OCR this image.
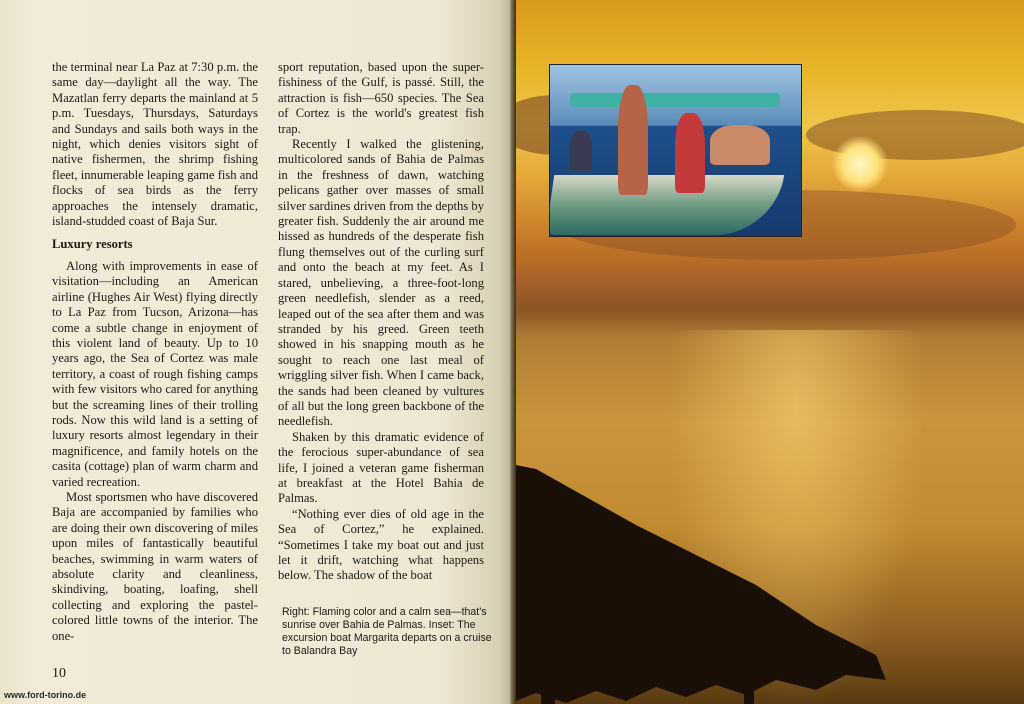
the terminal near La Paz at 7:30 p.m. the same day—daylight all the way. The Mazatlan ferry departs the mainland at 5 p.m. Tuesdays, Thursdays, Saturdays and Sundays and sails both ways in the night, which denies visitors sight of native fishermen, the shrimp fishing fleet, innumerable leaping game fish and flocks of sea birds as the ferry approaches the intensely dramatic, island-studded coast of Baja Sur.

Luxury resorts

Along with improvements in ease of visitation—including an American airline (Hughes Air West) flying directly to La Paz from Tucson, Arizona—has come a subtle change in enjoyment of this violent land of beauty. Up to 10 years ago, the Sea of Cortez was male territory, a coast of rough fishing camps with few visitors who cared for anything but the screaming lines of their trolling rods. Now this wild land is a setting of luxury resorts almost legendary in their magnificence, and family hotels on the casita (cottage) plan of warm charm and varied recreation.

Most sportsmen who have discovered Baja are accompanied by families who are doing their own discovering of miles upon miles of fantastically beautiful beaches, swimming in warm waters of absolute clarity and cleanliness, skindiving, boating, loafing, shell collecting and exploring the pastel-colored little towns of the interior. The one-

sport reputation, based upon the super-fishiness of the Gulf, is passé. Still, the attraction is fish—650 species. The Sea of Cortez is the world's greatest fish trap.

Recently I walked the glistening, multicolored sands of Bahia de Palmas in the freshness of dawn, watching pelicans gather over masses of small silver sardines driven from the depths by greater fish. Suddenly the air around me hissed as hundreds of the desperate fish flung themselves out of the curling surf and onto the beach at my feet. As I stared, unbelieving, a three-foot-long green needlefish, slender as a reed, leaped out of the sea after them and was stranded by his greed. Green teeth showed in his snapping mouth as he sought to reach one last meal of wriggling silver fish. When I came back, the sands had been cleaned by vultures of all but the long green backbone of the needlefish.

Shaken by this dramatic evidence of the ferocious super-abundance of sea life, I joined a veteran game fisherman at breakfast at the Hotel Bahia de Palmas.

“Nothing ever dies of old age in the Sea of Cortez,” he explained. “Sometimes I take my boat out and just let it drift, watching what happens below. The shadow of the boat

Right: Flaming color and a calm sea—that's sunrise over Bahia de Palmas. Inset: The excursion boat Margarita departs on a cruise to Balandra Bay
10
www.ford-torino.de
